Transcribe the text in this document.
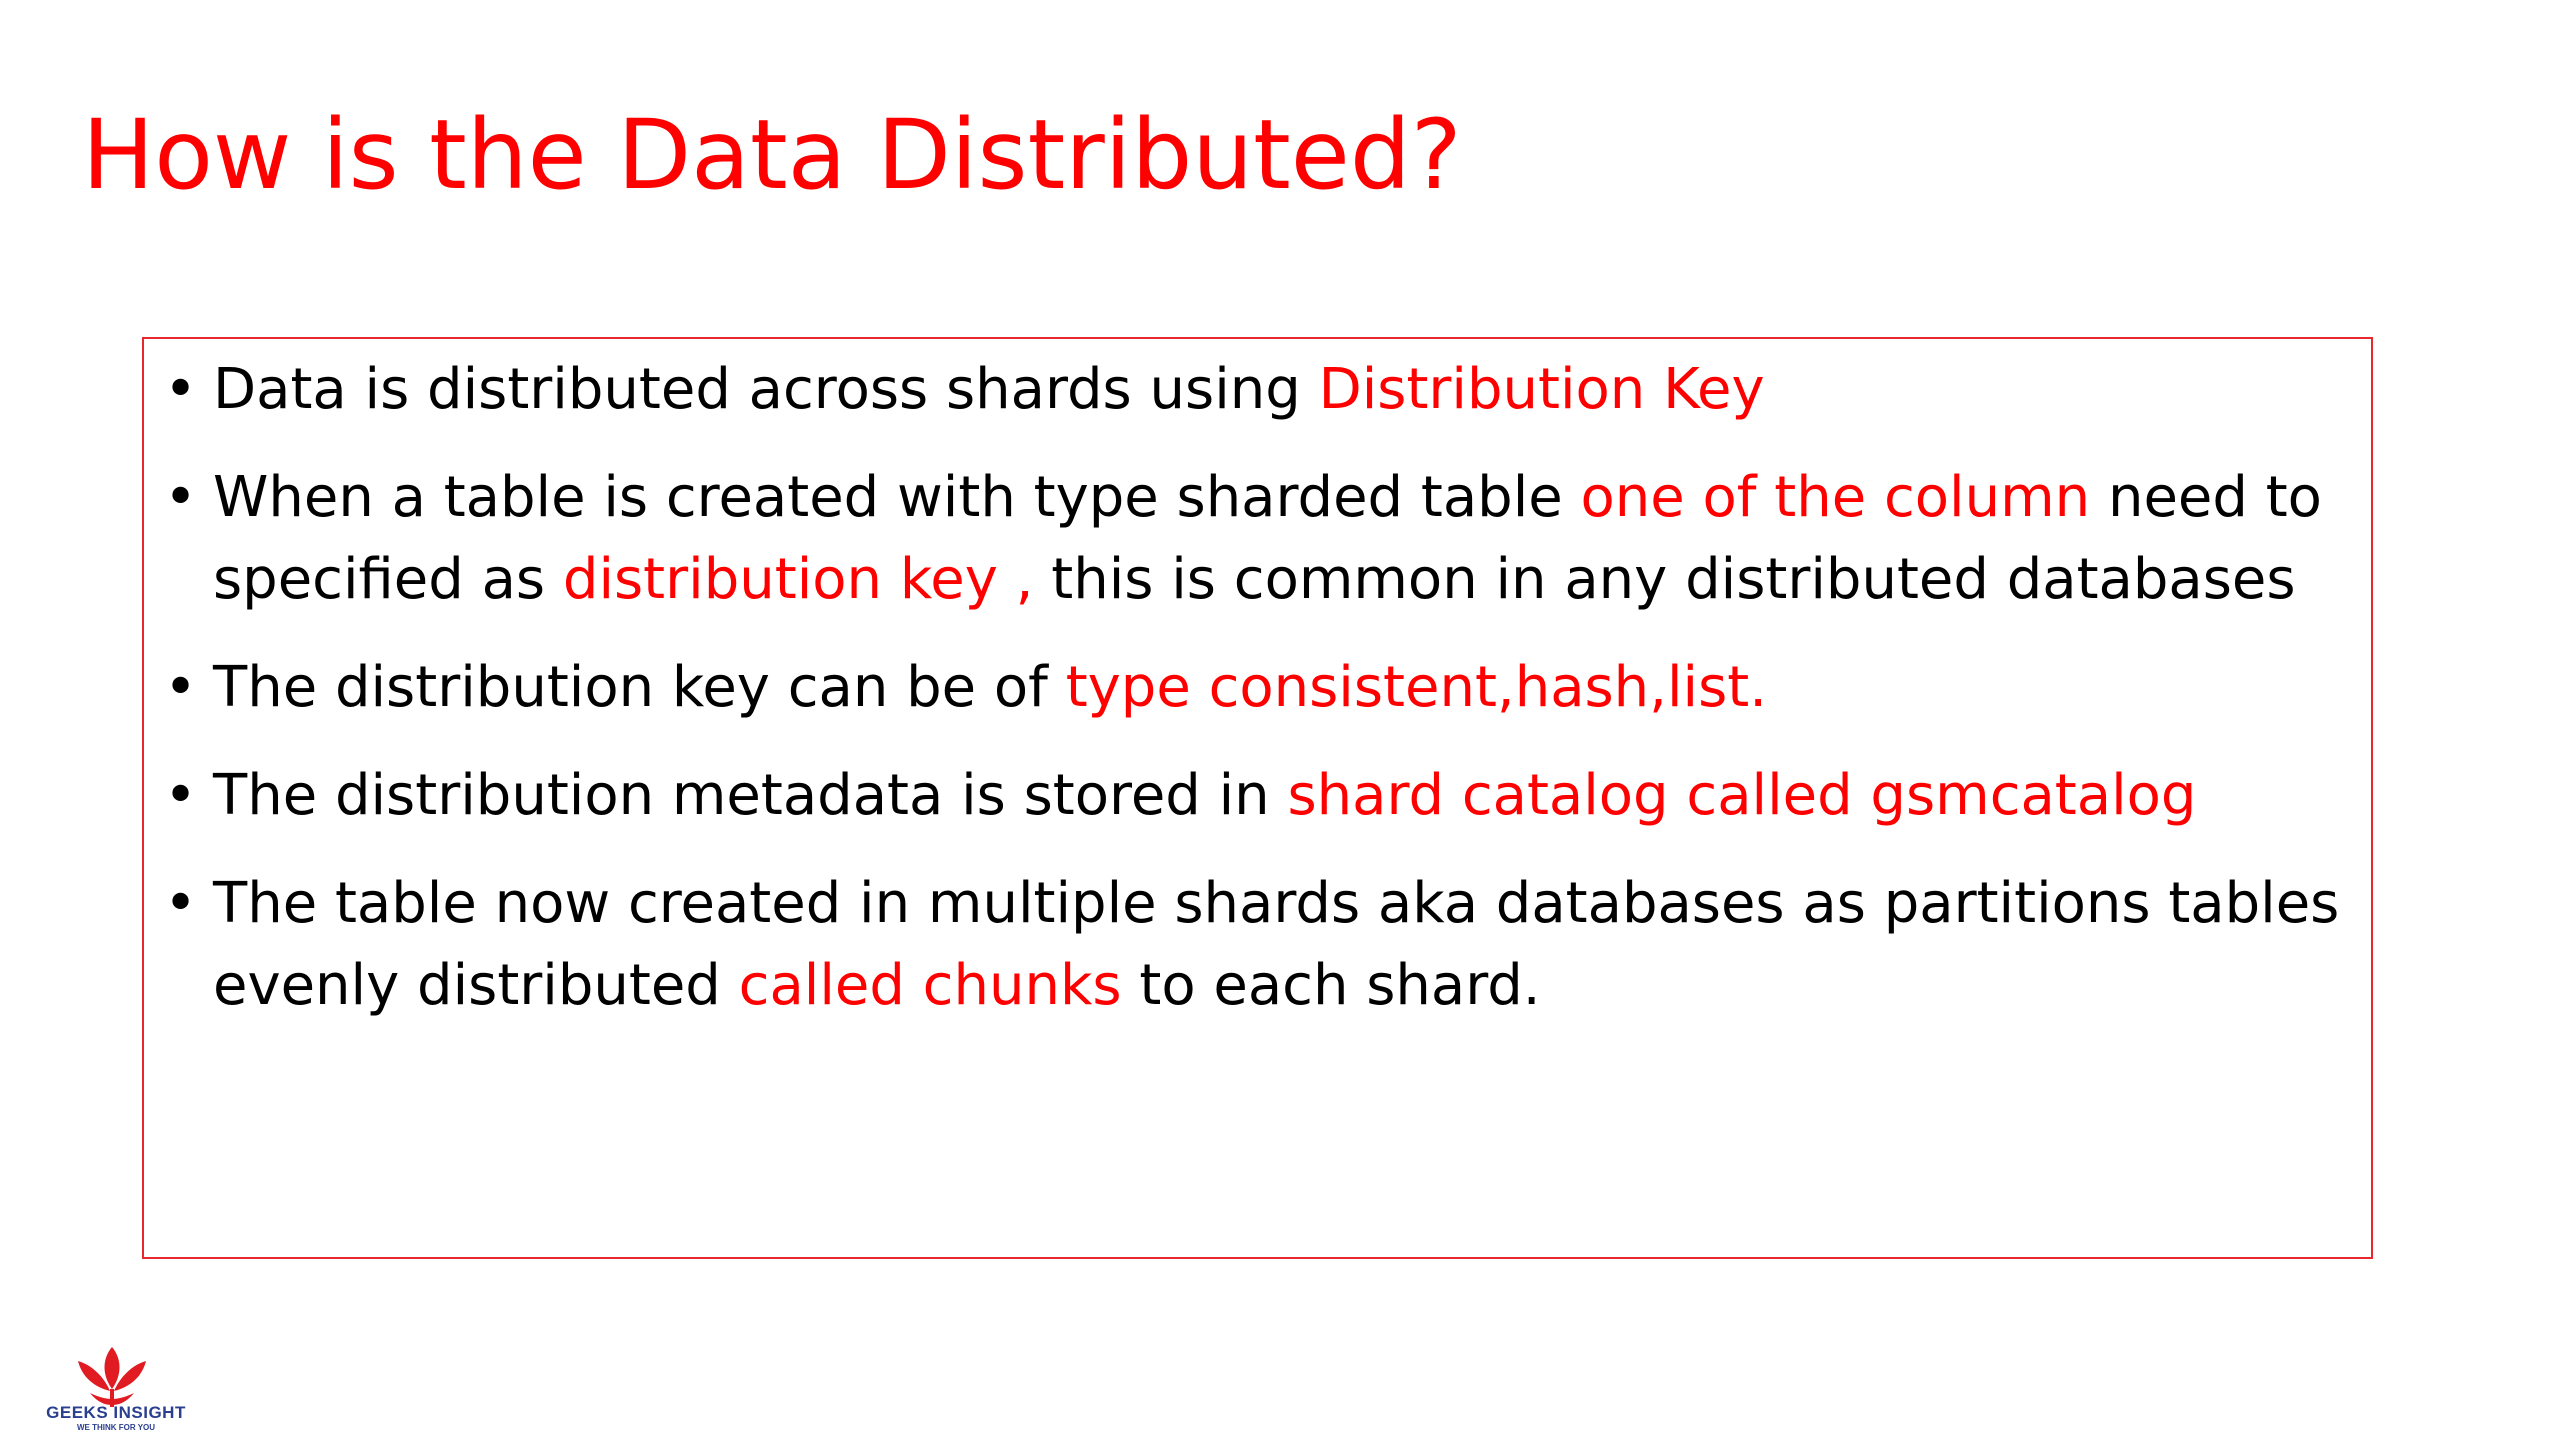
How is the Data Distributed?
• Data is distributed across shards using Distribution Key
• When a table is created with type sharded table one of the column need to specified as distribution key , this is common in any distributed databases
• The distribution key can be of type consistent,hash,list.
• The distribution metadata is stored in shard catalog called gsmcatalog
• The table now created in multiple shards aka databases as partitions tables evenly distributed called chunks to each shard.
GEEKS INSIGHT
WE THINK FOR YOU
